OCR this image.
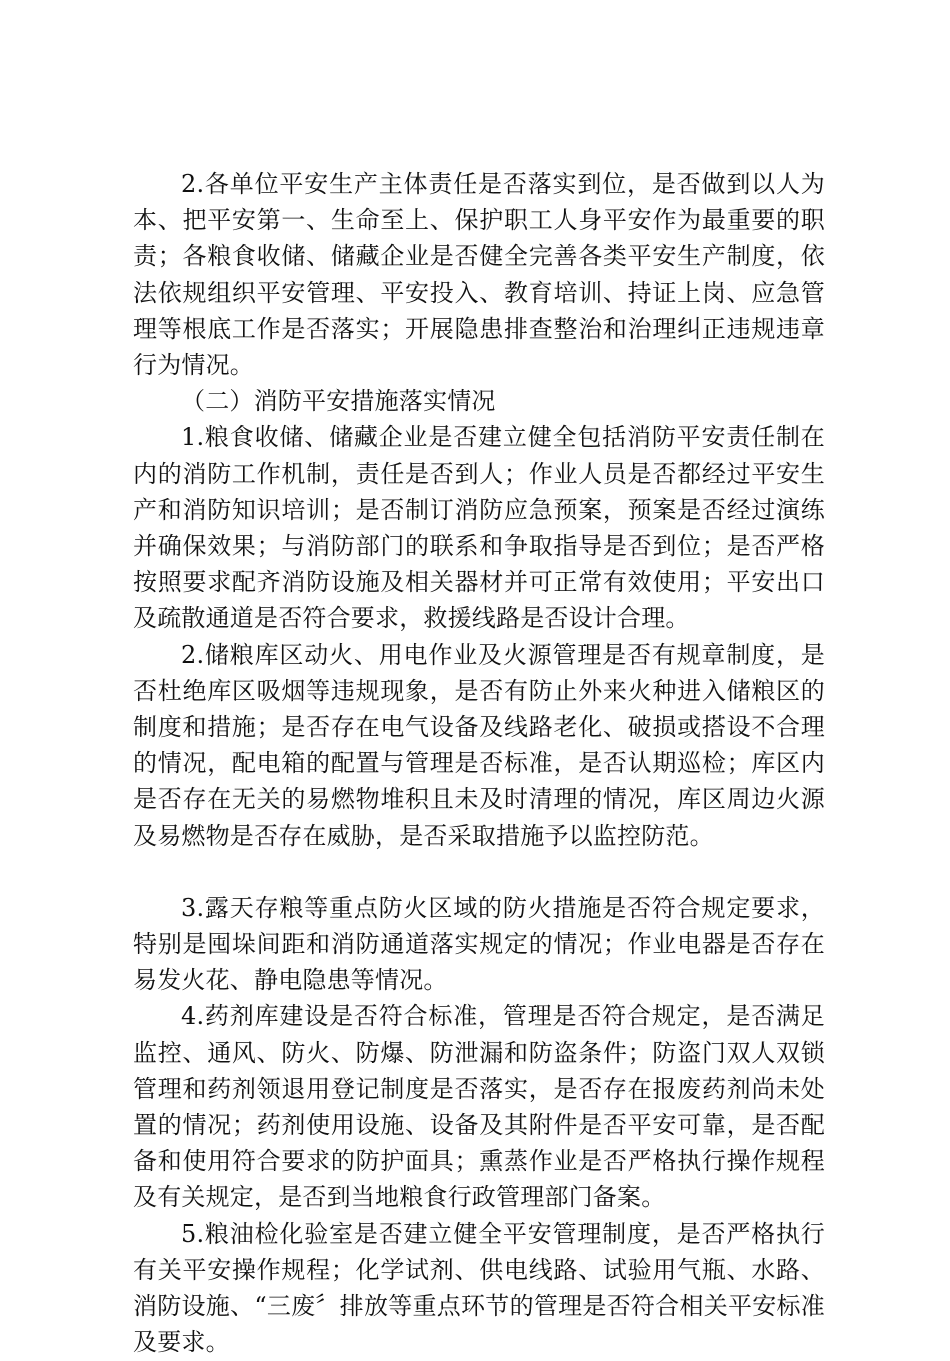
2.各单位平安生产主体责任是否落实到位，是否做到以人为本、把平安第一、生命至上、保护职工人身平安作为最重要的职责；各粮食收储、储藏企业是否健全完善各类平安生产制度，依法依规组织平安管理、平安投入、教育培训、持证上岗、应急管理等根底工作是否落实；开展隐患排查整治和治理纠正违规违章行为情况。

（二）消防平安措施落实情况

1.粮食收储、储藏企业是否建立健全包括消防平安责任制在内的消防工作机制，责任是否到人；作业人员是否都经过平安生产和消防知识培训；是否制订消防应急预案，预案是否经过演练并确保效果；与消防部门的联系和争取指导是否到位；是否严格按照要求配齐消防设施及相关器材并可正常有效使用；平安出口及疏散通道是否符合要求，救援线路是否设计合理。

2.储粮库区动火、用电作业及火源管理是否有规章制度，是否杜绝库区吸烟等违规现象，是否有防止外来火种进入储粮区的制度和措施；是否存在电气设备及线路老化、破损或搭设不合理的情况，配电箱的配置与管理是否标准，是否认期巡检；库区内是否存在无关的易燃物堆积且未及时清理的情况，库区周边火源及易燃物是否存在威胁，是否采取措施予以监控防范。

3.露天存粮等重点防火区域的防火措施是否符合规定要求，特别是囤垛间距和消防通道落实规定的情况；作业电器是否存在易发火花、静电隐患等情况。

4.药剂库建设是否符合标准，管理是否符合规定，是否满足监控、通风、防火、防爆、防泄漏和防盗条件；防盗门双人双锁管理和药剂领退用登记制度是否落实，是否存在报废药剂尚未处置的情况；药剂使用设施、设备及其附件是否平安可靠，是否配备和使用符合要求的防护面具；熏蒸作业是否严格执行操作规程及有关规定，是否到当地粮食行政管理部门备案。

5.粮油检化验室是否建立健全平安管理制度，是否严格执行有关平安操作规程；化学试剂、供电线路、试验用气瓶、水路、消防设施、“三废〞排放等重点环节的管理是否符合相关平安标准及要求。
